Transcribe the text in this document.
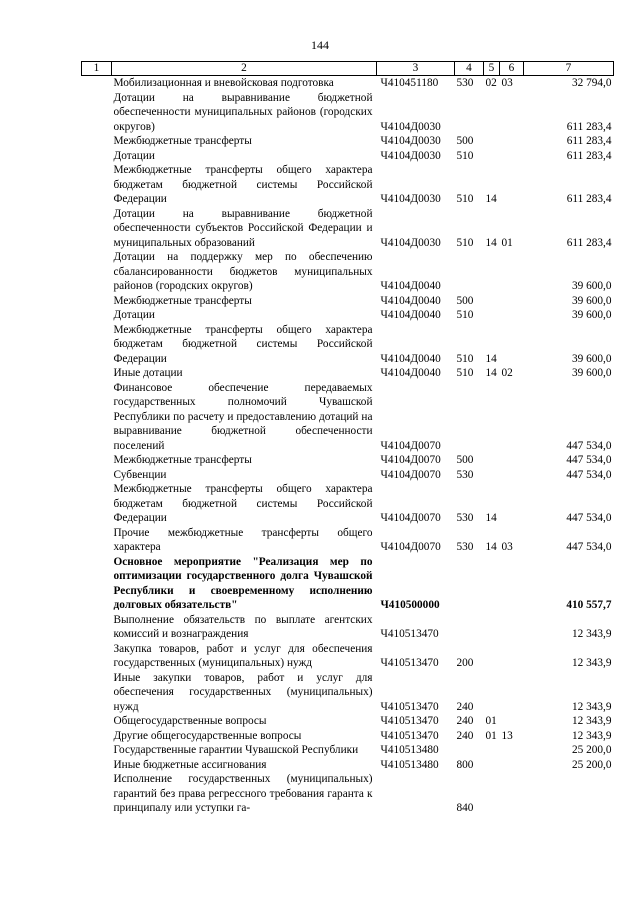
144
1	2	3	4	5	6	7
	Мобилизационная и вневойсковая подготовка	Ч410451180	530	02	03	32 794,0
	Дотации на выравнивание бюджетной обеспеченности муниципальных районов (городских округов)	Ч4104Д0030				611 283,4
	Межбюджетные трансферты	Ч4104Д0030	500			611 283,4
	Дотации	Ч4104Д0030	510			611 283,4
	Межбюджетные трансферты общего характера бюджетам бюджетной системы Российской Федерации	Ч4104Д0030	510	14		611 283,4
	Дотации на выравнивание бюджетной обеспеченности субъектов Российской Федерации и муниципальных образований	Ч4104Д0030	510	14	01	611 283,4
	Дотации на поддержку мер по обеспечению сбалансированности бюджетов муниципальных районов (городских округов)	Ч4104Д0040				39 600,0
	Межбюджетные трансферты	Ч4104Д0040	500			39 600,0
	Дотации	Ч4104Д0040	510			39 600,0
	Межбюджетные трансферты общего характера бюджетам бюджетной системы Российской Федерации	Ч4104Д0040	510	14		39 600,0
	Иные дотации	Ч4104Д0040	510	14	02	39 600,0
	Финансовое обеспечение передаваемых государственных полномочий Чувашской Республики по расчету и предоставлению дотаций на выравнивание бюджетной обеспеченности поселений	Ч4104Д0070				447 534,0
	Межбюджетные трансферты	Ч4104Д0070	500			447 534,0
	Субвенции	Ч4104Д0070	530			447 534,0
	Межбюджетные трансферты общего характера бюджетам бюджетной системы Российской Федерации	Ч4104Д0070	530	14		447 534,0
	Прочие межбюджетные трансферты общего характера	Ч4104Д0070	530	14	03	447 534,0
	Основное мероприятие "Реализация мер по оптимизации государственного долга Чувашской Республики и своевременному исполнению долговых обязательств"	Ч410500000				410 557,7
	Выполнение обязательств по выплате агентских комиссий и вознаграждения	Ч410513470				12 343,9
	Закупка товаров, работ и услуг для обеспечения государственных (муниципальных) нужд	Ч410513470	200			12 343,9
	Иные закупки товаров, работ и услуг для обеспечения государственных (муниципальных) нужд	Ч410513470	240			12 343,9
	Общегосударственные вопросы	Ч410513470	240	01		12 343,9
	Другие общегосударственные вопросы	Ч410513470	240	01	13	12 343,9
	Государственные гарантии Чувашской Республики	Ч410513480				25 200,0
	Иные бюджетные ассигнования	Ч410513480	800			25 200,0
	Исполнение государственных (муниципальных) гарантий без права регрессного требования гаранта к принципалу или уступки га-		840			
